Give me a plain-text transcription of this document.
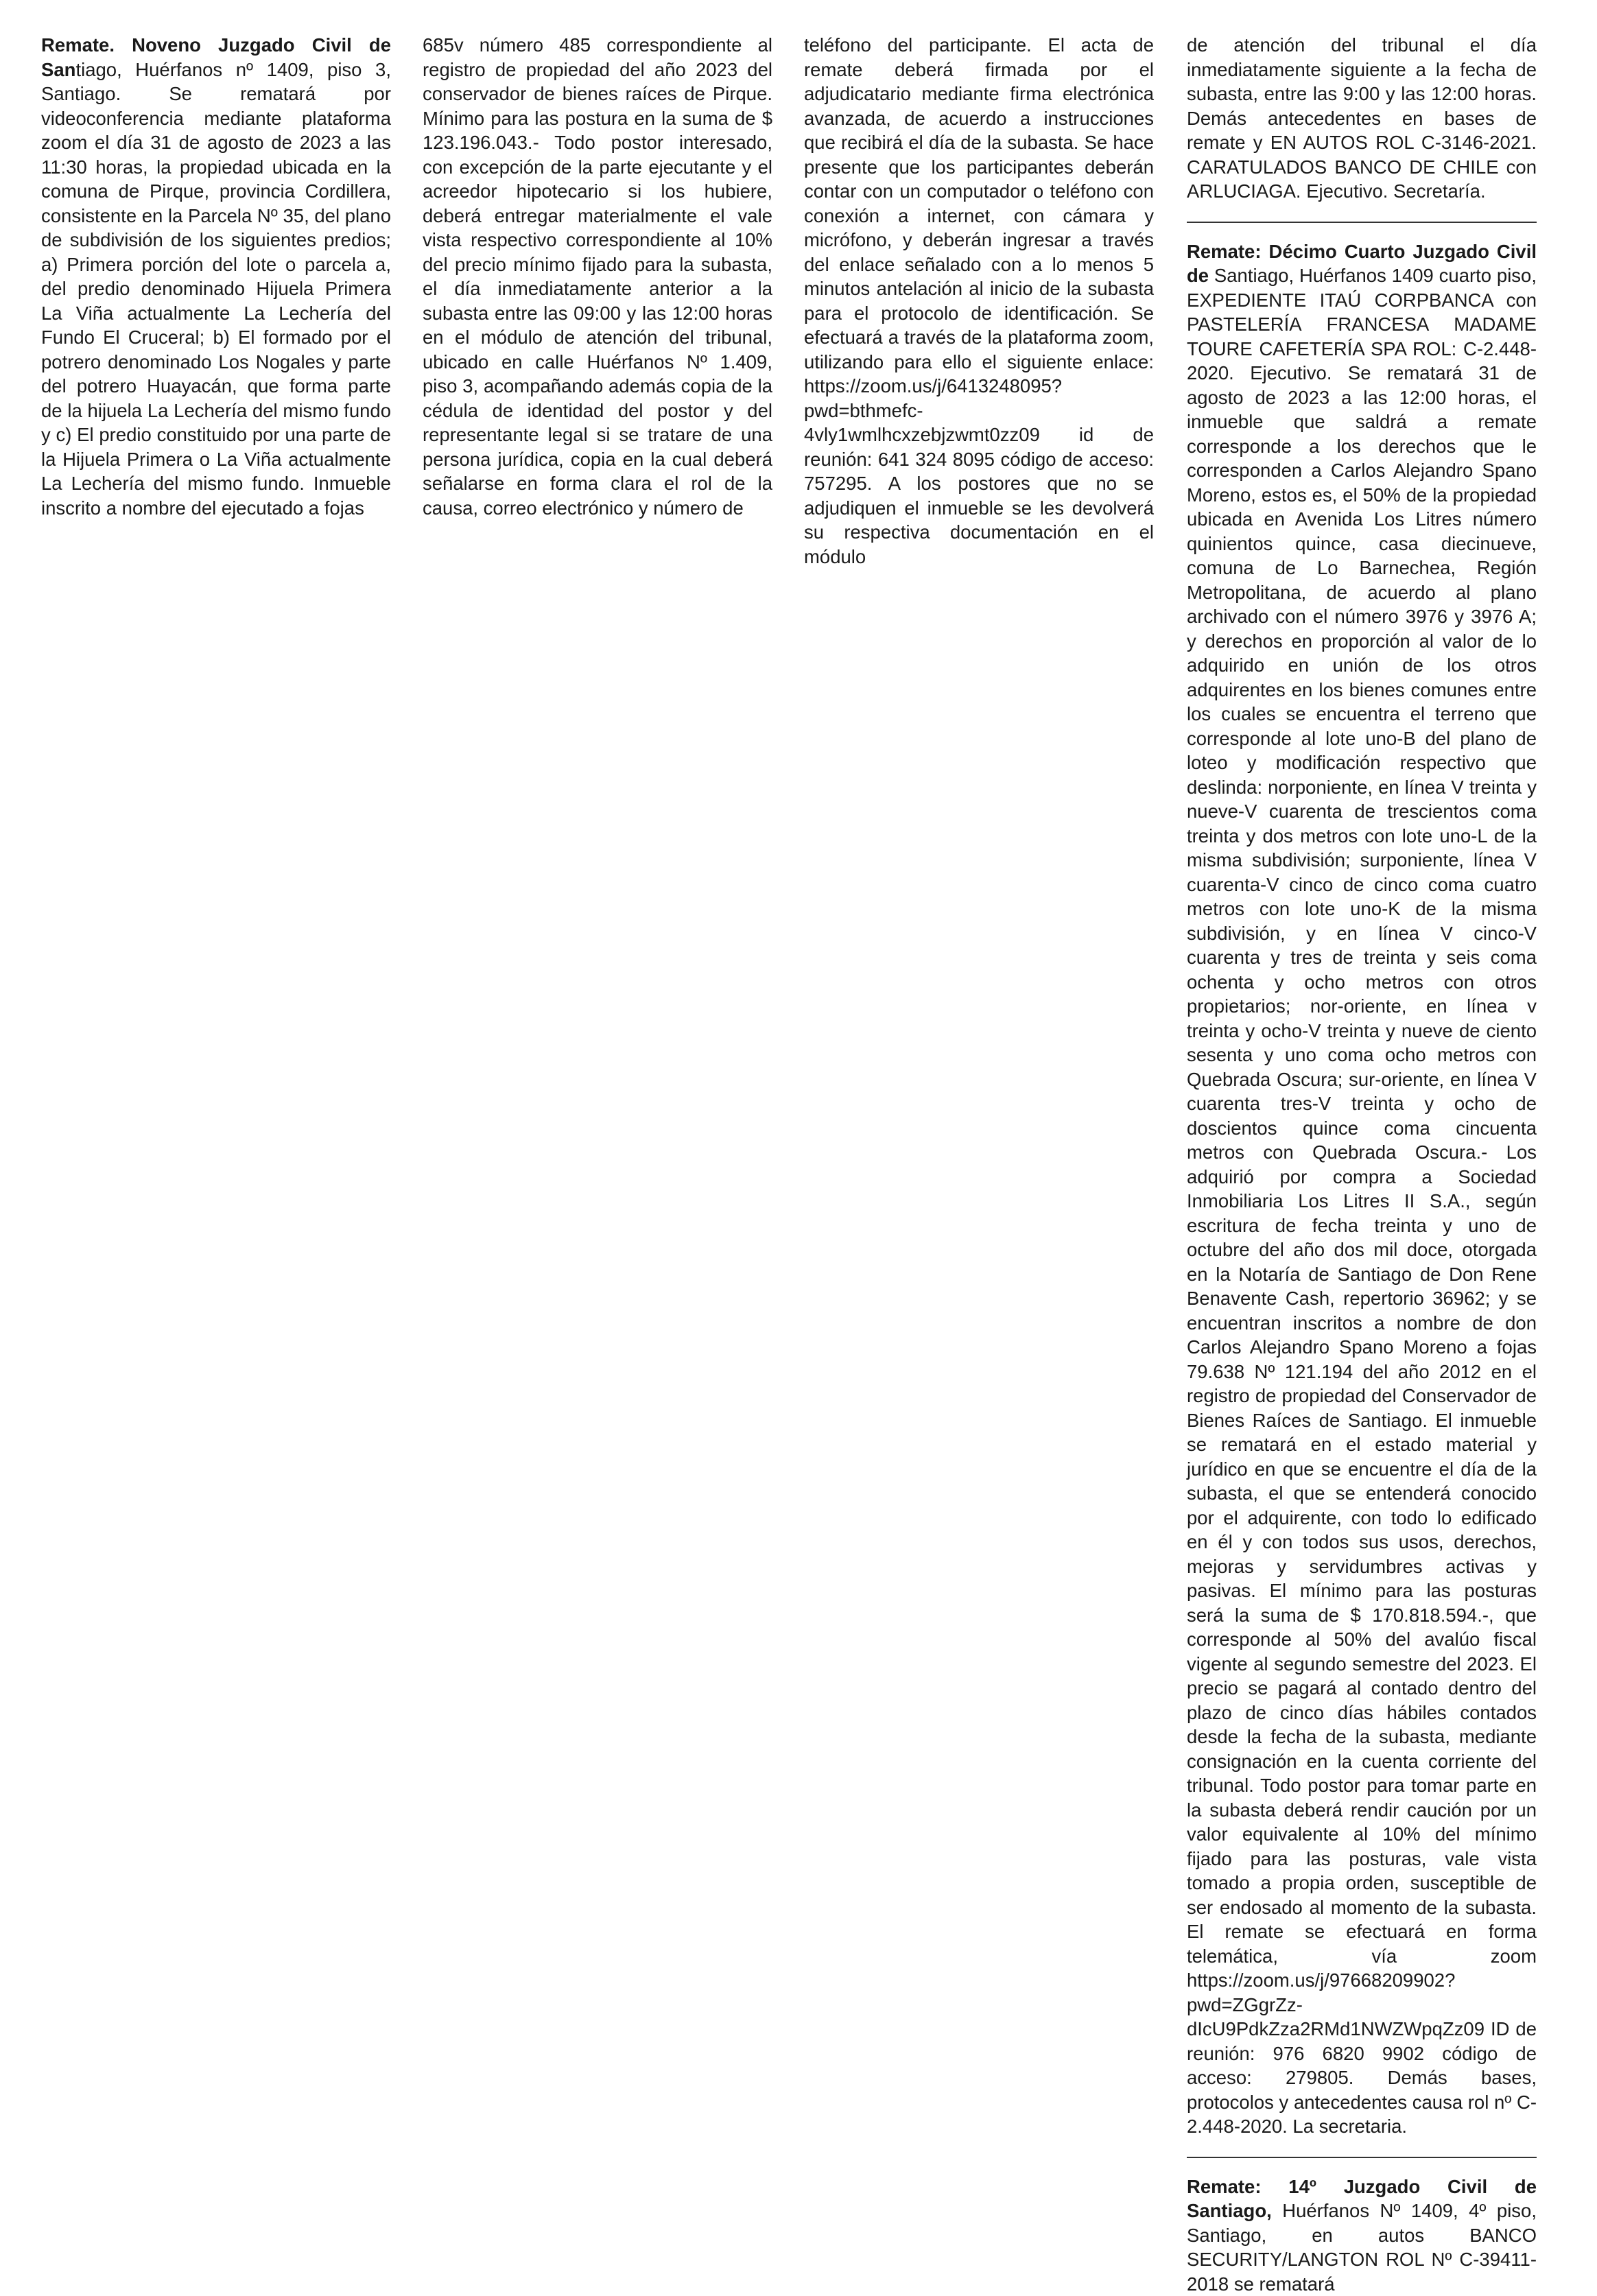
Remate. Noveno Juzgado Civil de Santiago, Huérfanos nº 1409, piso 3, Santiago. Se rematará por videoconferencia mediante plataforma zoom el día 31 de agosto de 2023 a las 11:30 horas, la propiedad ubicada en la comuna de Pirque, provincia Cordillera, consistente en la Parcela Nº 35, del plano de subdivisión de los siguientes predios; a) Primera porción del lote o parcela a, del predio denominado Hijuela Primera La Viña actualmente La Lechería del Fundo El Cruceral; b) El formado por el potrero denominado Los Nogales y parte del potrero Huayacán, que forma parte de la hijuela La Lechería del mismo fundo y c) El predio constituido por una parte de la Hijuela Primera o La Viña actualmente La Lechería del mismo fundo. Inmueble inscrito a nombre del ejecutado a fojas

685v número 485 correspondiente al registro de propiedad del año 2023 del conservador de bienes raíces de Pirque. Mínimo para las postura en la suma de $ 123.196.043.- Todo postor interesado, con excepción de la parte ejecutante y el acreedor hipotecario si los hubiere, deberá entregar materialmente el vale vista respectivo correspondiente al 10% del precio mínimo fijado para la subasta, el día inmediatamente anterior a la subasta entre las 09:00 y las 12:00 horas en el módulo de atención del tribunal, ubicado en calle Huérfanos Nº 1.409, piso 3, acompañando además copia de la cédula de identidad del postor y del representante legal si se tratare de una persona jurídica, copia en la cual deberá señalarse en forma clara el rol de la causa, correo electrónico y número de

teléfono del participante. El acta de remate deberá firmada por el adjudicatario mediante firma electrónica avanzada, de acuerdo a instrucciones que recibirá el día de la subasta. Se hace presente que los participantes deberán contar con un computador o teléfono con conexión a internet, con cámara y micrófono, y deberán ingresar a través del enlace señalado con a lo menos 5 minutos antelación al inicio de la subasta para el protocolo de identificación. Se efectuará a través de la plataforma zoom, utilizando para ello el siguiente enlace: https://zoom.us/j/6413248095?pwd=bthmefc-4vly1wmlhcxzebjzwmt0zz09 id de reunión: 641 324 8095 código de acceso: 757295. A los postores que no se adjudiquen el inmueble se les devolverá su respectiva documentación en el módulo

de atención del tribunal el día inmediatamente siguiente a la fecha de subasta, entre las 9:00 y las 12:00 horas. Demás antecedentes en bases de remate y EN AUTOS ROL C-3146-2021. CARATULADOS BANCO DE CHILE con ARLUCIAGA. Ejecutivo. Secretaría.

Remate: Décimo Cuarto Juzgado Civil de Santiago, Huérfanos 1409 cuarto piso, EXPEDIENTE ITAÚ CORPBANCA con PASTELERÍA FRANCESA MADAME TOURE CAFETERÍA SPA ROL: C-2.448-2020. Ejecutivo. Se rematará 31 de agosto de 2023 a las 12:00 horas, el inmueble que saldrá a remate corresponde a los derechos que le corresponden a Carlos Alejandro Spano Moreno, estos es, el 50% de la propiedad ubicada en Avenida Los Litres número quinientos quince, casa diecinueve, comuna de Lo Barnechea, Región Metropolitana, de acuerdo al plano archivado con el número 3976 y 3976 A; y derechos en proporción al valor de lo adquirido en unión de los otros adquirentes en los bienes comunes entre los cuales se encuentra el terreno que corresponde al lote uno-B del plano de loteo y modificación respectivo que deslinda: norponiente, en línea V treinta y nueve-V cuarenta de trescientos coma treinta y dos metros con lote uno-L de la misma subdivisión; surponiente, línea V cuarenta-V cinco de cinco coma cuatro metros con lote uno-K de la misma subdivisión, y en línea V cinco-V cuarenta y tres de treinta y seis coma ochenta y ocho metros con otros propietarios; nor-oriente, en línea v treinta y ocho-V treinta y nueve de ciento sesenta y uno coma ocho metros con Quebrada Oscura; sur-oriente, en línea V cuarenta tres-V treinta y ocho de doscientos quince coma cincuenta metros con Quebrada Oscura.- Los adquirió por compra a Sociedad Inmobiliaria Los Litres II S.A., según escritura de fecha treinta y uno de octubre del año dos mil doce, otorgada en la Notaría de Santiago de Don Rene Benavente Cash, repertorio 36962; y se encuentran inscritos a nombre de don Carlos Alejandro Spano Moreno a fojas 79.638 Nº 121.194 del año 2012 en el registro de propiedad del Conservador de Bienes Raíces de Santiago. El inmueble se rematará en el estado material y jurídico en que se encuentre el día de la subasta, el que se entenderá conocido por el adquirente, con todo lo edificado en él y con todos sus usos, derechos, mejoras y servidumbres activas y pasivas. El mínimo para las posturas será la suma de $ 170.818.594.-, que corresponde al 50% del avalúo fiscal vigente al segundo semestre del 2023. El precio se pagará al contado dentro del plazo de cinco días hábiles contados desde la fecha de la subasta, mediante consignación en la cuenta corriente del tribunal. Todo postor para tomar parte en la subasta deberá rendir caución por un valor equivalente al 10% del mínimo fijado para las posturas, vale vista tomado a propia orden, susceptible de ser endosado al momento de la subasta. El remate se efectuará en forma telemática, vía zoom https://zoom.us/j/97668209902?pwd=ZGgrZz-dIcU9PdkZza2RMd1NWZWpqZz09 ID de reunión: 976 6820 9902 código de acceso: 279805. Demás bases, protocolos y antecedentes causa rol nº C-2.448-2020. La secretaria.

Remate: 14º Juzgado Civil de Santiago, Huérfanos Nº 1409, 4º piso, Santiago, en autos BANCO SECURITY/LANGTON ROL Nº C-39411-2018 se rematará
